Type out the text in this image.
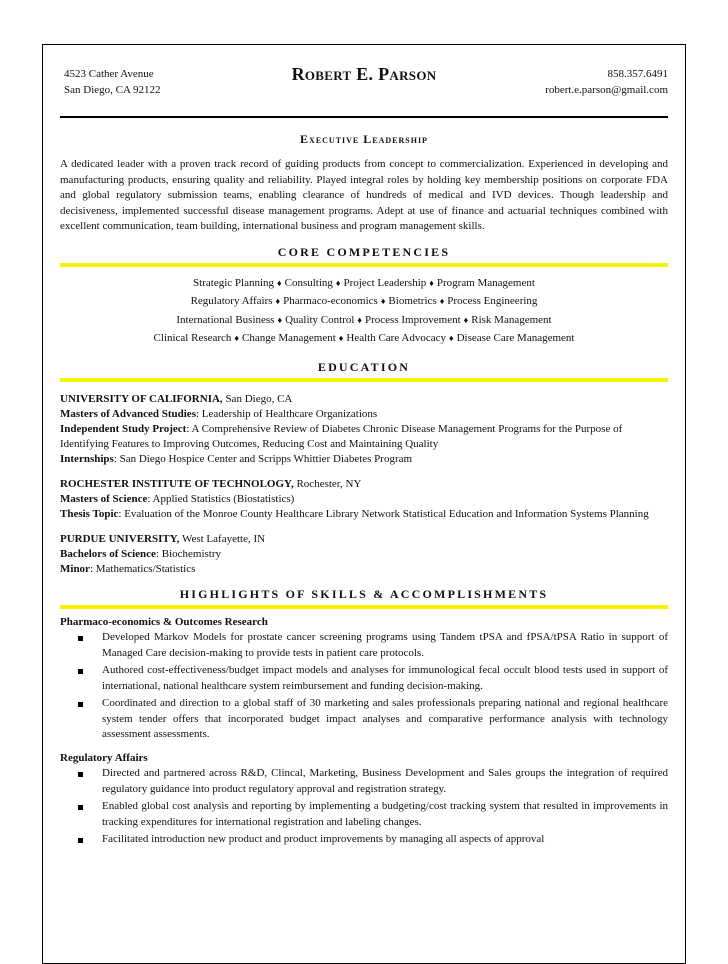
4523 Cather Avenue
San Diego, CA 92122
Robert E. Parson	858.357.6491
robert.e.parson@gmail.com
Executive Leadership
A dedicated leader with a proven track record of guiding products from concept to commercialization. Experienced in developing and manufacturing products, ensuring quality and reliability. Played integral roles by holding key membership positions on corporate FDA and global regulatory submission teams, enabling clearance of hundreds of medical and IVD devices. Though leadership and decisiveness, implemented successful disease management programs. Adept at use of finance and actuarial techniques combined with excellent communication, team building, international business and program management skills.
CORE COMPETENCIES
Strategic Planning ♦ Consulting ♦ Project Leadership ♦ Program Management
Regulatory Affairs ♦ Pharmaco-economics ♦ Biometrics ♦ Process Engineering
International Business ♦ Quality Control ♦ Process Improvement ♦ Risk Management
Clinical Research ♦ Change Management ♦ Health Care Advocacy ♦ Disease Care Management
EDUCATION
UNIVERSITY OF CALIFORNIA, San Diego, CA
Masters of Advanced Studies: Leadership of Healthcare Organizations
Independent Study Project: A Comprehensive Review of Diabetes Chronic Disease Management Programs for the Purpose of Identifying Features to Improving Outcomes, Reducing Cost and Maintaining Quality
Internships: San Diego Hospice Center and Scripps Whittier Diabetes Program
ROCHESTER INSTITUTE OF TECHNOLOGY, Rochester, NY
Masters of Science: Applied Statistics (Biostatistics)
Thesis Topic: Evaluation of the Monroe County Healthcare Library Network Statistical Education and Information Systems Planning
PURDUE UNIVERSITY, West Lafayette, IN
Bachelors of Science: Biochemistry
Minor: Mathematics/Statistics
HIGHLIGHTS OF SKILLS & ACCOMPLISHMENTS
Pharmaco-economics & Outcomes Research
Developed Markov Models for prostate cancer screening programs using Tandem tPSA and fPSA/tPSA Ratio in support of Managed Care decision-making to provide tests in patient care protocols.
Authored cost-effectiveness/budget impact models and analyses for immunological fecal occult blood tests used in support of international, national healthcare system reimbursement and funding decision-making.
Coordinated and direction to a global staff of 30 marketing and sales professionals preparing national and regional healthcare system tender offers that incorporated budget impact analyses and comparative performance analysis with technology assessment assessments.
Regulatory Affairs
Directed and partnered across R&D, Clincal, Marketing, Business Development and Sales groups the integration of required regulatory guidance into product regulatory approval and registration strategy.
Enabled global cost analysis and reporting by implementing a budgeting/cost tracking system that resulted in improvements in tracking expenditures for international registration and labeling changes.
Facilitated introduction new product and product improvements by managing all aspects of approval
